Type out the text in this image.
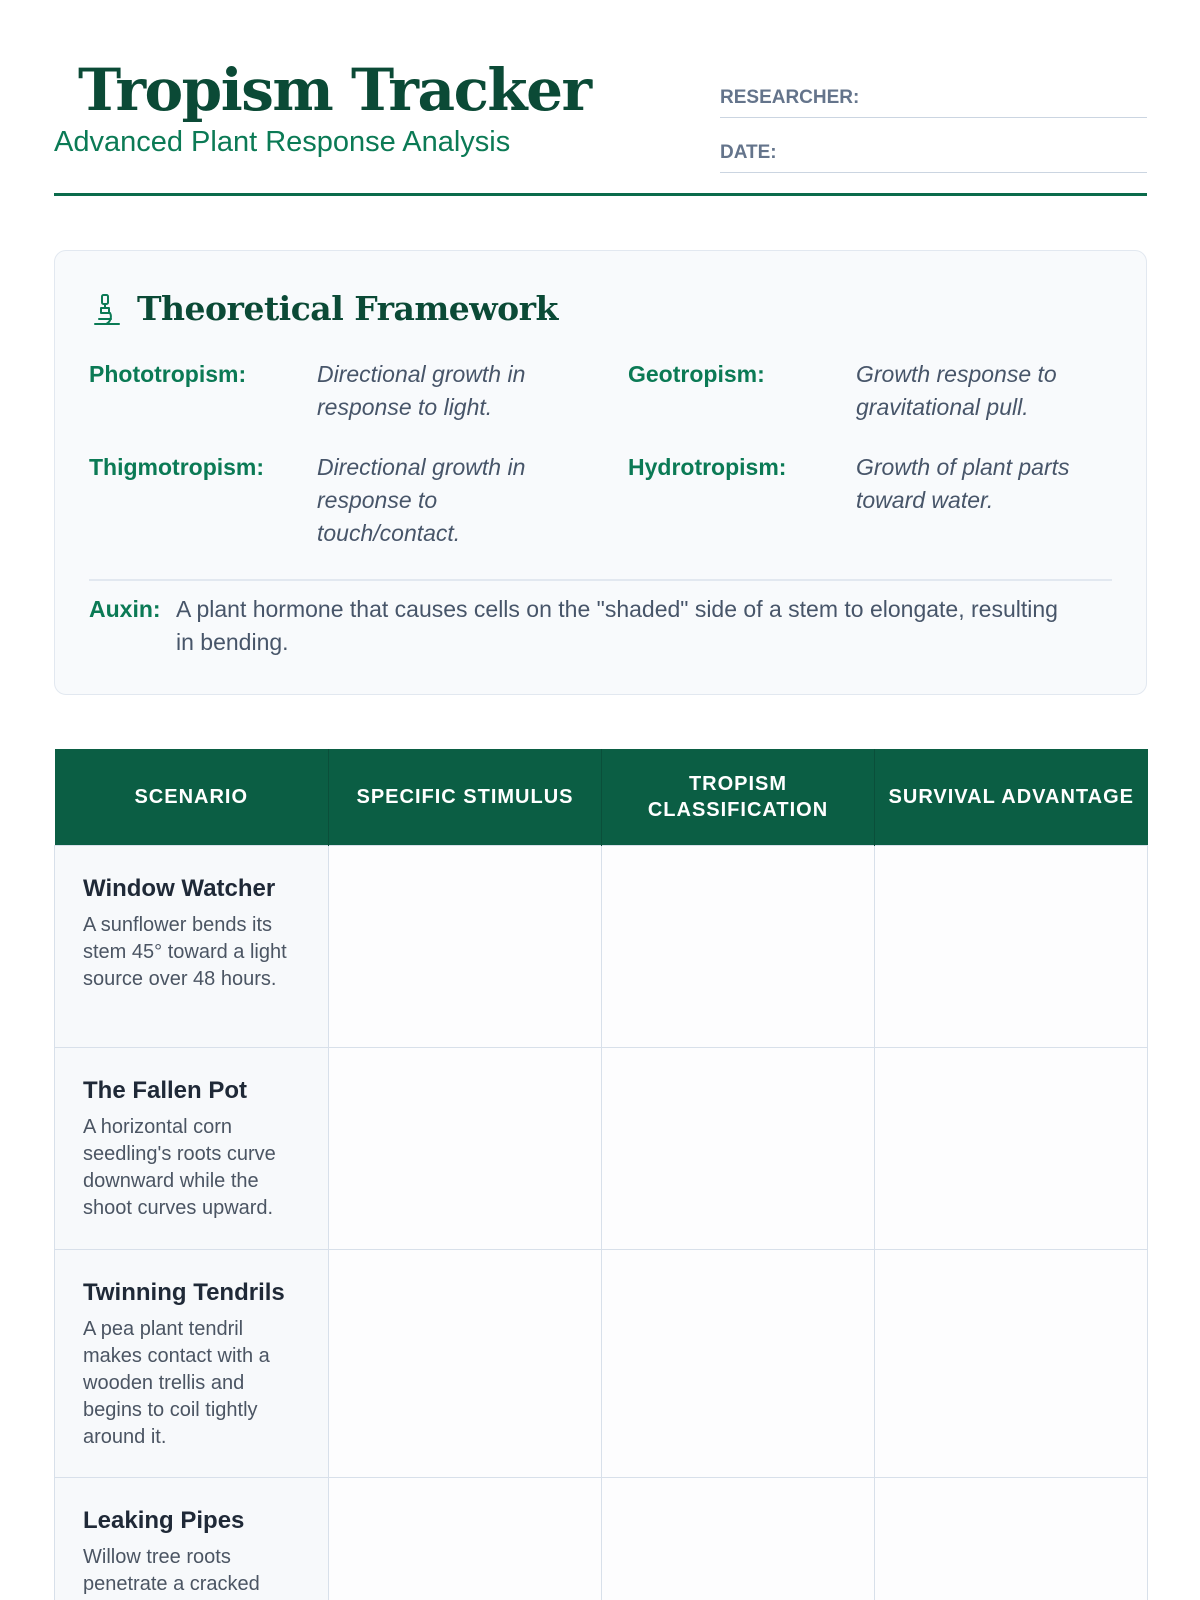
Tropism Tracker
Advanced Plant Response Analysis
RESEARCHER:
DATE:
Theoretical Framework
Phototropism:	Directional growth in response to light.
Geotropism:	Growth response to gravitational pull.
Thigmotropism: Directional growth in response to touch/contact.
Hydrotropism:	Growth of plant parts toward water.
Auxin: A plant hormone that causes cells on the "shaded" side of a stem to elongate, resulting in bending.
SCENARIO	SPECIFIC STIMULUS	TROPISM CLASSIFICATION	SURVIVAL ADVANTAGE

Window Watcher
A sunflower bends its stem 45° toward a light source over 48 hours.			

The Fallen Pot
A horizontal corn seedling's roots curve downward while the shoot curves upward.			

Twinning Tendrils
A pea plant tendril makes contact with a wooden trellis and begins to coil tightly around it.			

Leaking Pipes
Willow tree roots penetrate a cracked			
